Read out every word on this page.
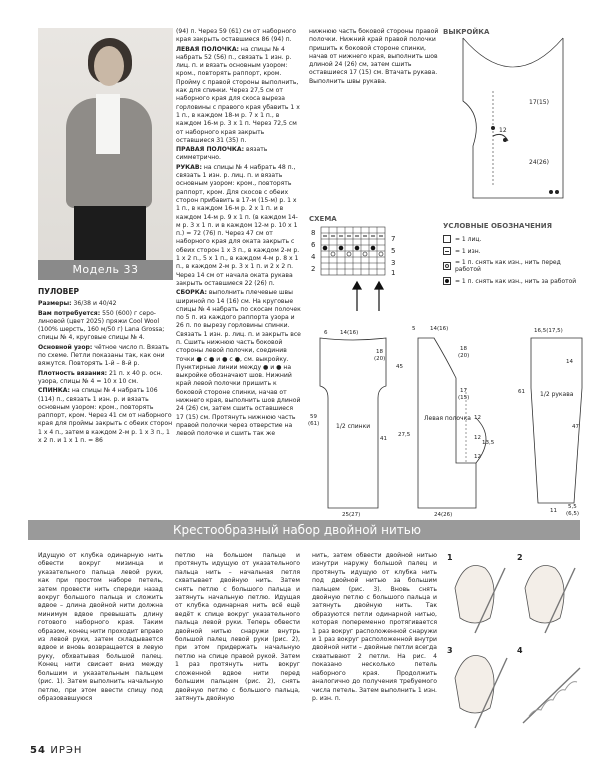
Модель 33
ПУЛОВЕР

Размеры: 36/38 и 40/42

Вам потребуется: 550 (600) г серо-линовой (цвет 2025) пряжи Cool Wool (100% шерсть, 160 м/50 г) Lana Grossa; спицы № 4, круговые спицы № 4.

Основной узор: чётное число п. Вязать по схеме. Петли показаны так, как они вяжутся. Повторять 1-й – 8-й р.

Плотность вязания: 21 п. х 40 р. осн. узора, спицы № 4 = 10 х 10 см.

СПИНКА: на спицы № 4 набрать 106 (114) п., связать 1 изн. р. и вязать основным узором: кром., повторять раппорт, кром. Через 41 см от наборного края для проймы закрыть с обеих сторон 1 х 4 п., затем в каждом 2-м р. 1 х 3 п., 1 х 2 п. и 1 х 1 п. = 86

(94) п. Через 59 (61) см от наборного края закрыть оставшиеся 86 (94) п.

ЛЕВАЯ ПОЛОЧКА: на спицы № 4 набрать 52 (56) п., связать 1 изн. р. лиц. п. и вязать основным узором: кром., повторять раппорт, кром. Пройму с правой стороны выполнить, как для спинки. Через 27,5 см от наборного края для скоса выреза горловины с правого края убавить 1 х 1 п., в каждом 18-м р. 7 х 1 п., в каждом 16-м р. 3 х 1 п. Через 72,5 см от наборного края закрыть оставшиеся 31 (35) п.

ПРАВАЯ ПОЛОЧКА: вязать симметрично.

РУКАВ: на спицы № 4 набрать 48 п., связать 1 изн. р. лиц. п. и вязать основным узором: кром., повторять раппорт, кром. Для скосов с обеих сторон прибавить в 17-м (15-м) р. 1 х 1 п., в каждом 16-м р. 2 х 1 п. и в каждом 14-м р. 9 х 1 п. (в каждом 14-м р. 3 х 1 п. и в каждом 12-м р. 10 х 1 п.) = 72 (76) п. Через 47 см от наборного края для оката закрыть с обеих сторон 1 х 3 п., в каждом 2-м р. 1 х 2 п., 5 х 1 п., в каждом 4-м р. 8 х 1 п., в каждом 2-м р. 3 х 1 п. и 2 х 2 п. Через 14 см от начала оката рукава закрыть оставшиеся 22 (26) п.

СБОРКА: выполнить плечевые швы шириной по 14 (16) см. На круговые спицы № 4 набрать по скосам полочек по 5 п. из каждого раппорта узора и 26 п. по вырезу горловины спинки. Связать 1 изн. р. лиц. п. и закрыть все п. Сшить нижнюю часть боковой стороны левой полочки, соединив точки ● с ● и ● с ●, см. выкройку. Пунктирные линии между ● и ● на выкройке обозначают шов. Нижний край левой полочки пришить к боковой стороне спинки, начав от нижнего края, выполнить шов длиной 24 (26) см, затем сшить оставшиеся 17 (15) см. Протянуть нижнюю часть правой полочки через отверстие на левой полочке и сшить так же

нижнюю часть боковой стороны правой полочки. Нижний край правой полочки пришить к боковой стороне спинки, начав от нижнего края, выполнить шов длиной 24 (26) см, затем сшить оставшиеся 17 (15) см. Втачать рукава. Выполнить швы рукава.

СХЕМА
7
5
3
1
8
6
4
2
ВЫКРОЙКА
17(15)
12
24(26)
УСЛОВНЫЕ ОБОЗНАЧЕНИЯ
= 1 лиц.
= 1 изн.
= 1 п. снять как изн., нить перед работой
= 1 п. снять как изн., нить за работой
6 14(16)
18
(20)
45
59
(61)
41
25(27)
1/2 спинки
5	14(16)
18
(20)
17
(15)
27,5
13,5
12
12
12
24(26)
Левая полочка
16,5(17,5)
14
61
47
11
5,5
(6,5)
1/2 рукава
Крестообразный набор двойной нитью
Идущую от клубка одинарную нить обвести вокруг мизинца и указательного пальца левой руки, как при простом наборе петель, затем провести нить спереди назад вокруг большого пальца и сложить вдвое – длина двойной нити должна минимум вдвое превышать длину готового наборного края. Таким образом, конец нити проходит вправо из левой руки, затем складывается вдвое и вновь возвращается в левую руку, обхватывая большой палец. Конец нити свисает вниз между большим и указательным пальцем (рис. 1). Затем выполнить начальную петлю, при этом ввести спицу под образовавшуюся
петлю на большом пальце и протянуть идущую от указательного пальца нить – начальная петля схватывает двойную нить. Затем снять петлю с большого пальца и затянуть начальную петлю. Идущая от клубка одинарная нить всё ещё ведёт к спице вокруг указательного пальца левой руки. Теперь обвести двойной нитью снаружи внутрь большой палец левой руки (рис. 2), при этом придержать начальную петлю на спице правой рукой. Затем 1 раз протянуть нить вокруг сложенной вдвое нити перед большим пальцем (рис. 2), снять двойную петлю с большого пальца, затянуть двойную
нить, затем обвести двойной нитью изнутри наружу большой палец и протянуть идущую от клубка нить под двойной нитью за большим пальцем (рис. 3). Вновь снять двойную петлю с большого пальца и затянуть двойную нить. Так образуются петли одинарной нитью, которая попеременно протягивается 1 раз вокруг расположенной снаружи и 1 раз вокруг расположенной внутри двойной нити – двойные петли всегда схватывают 2 петли. На рис. 4 показано несколько петель наборного края. Продолжить аналогично до получения требуемого числа петель. Затем выполнить 1 изн. р. изн. п.
1	2
3	4
54 ИРЭН
